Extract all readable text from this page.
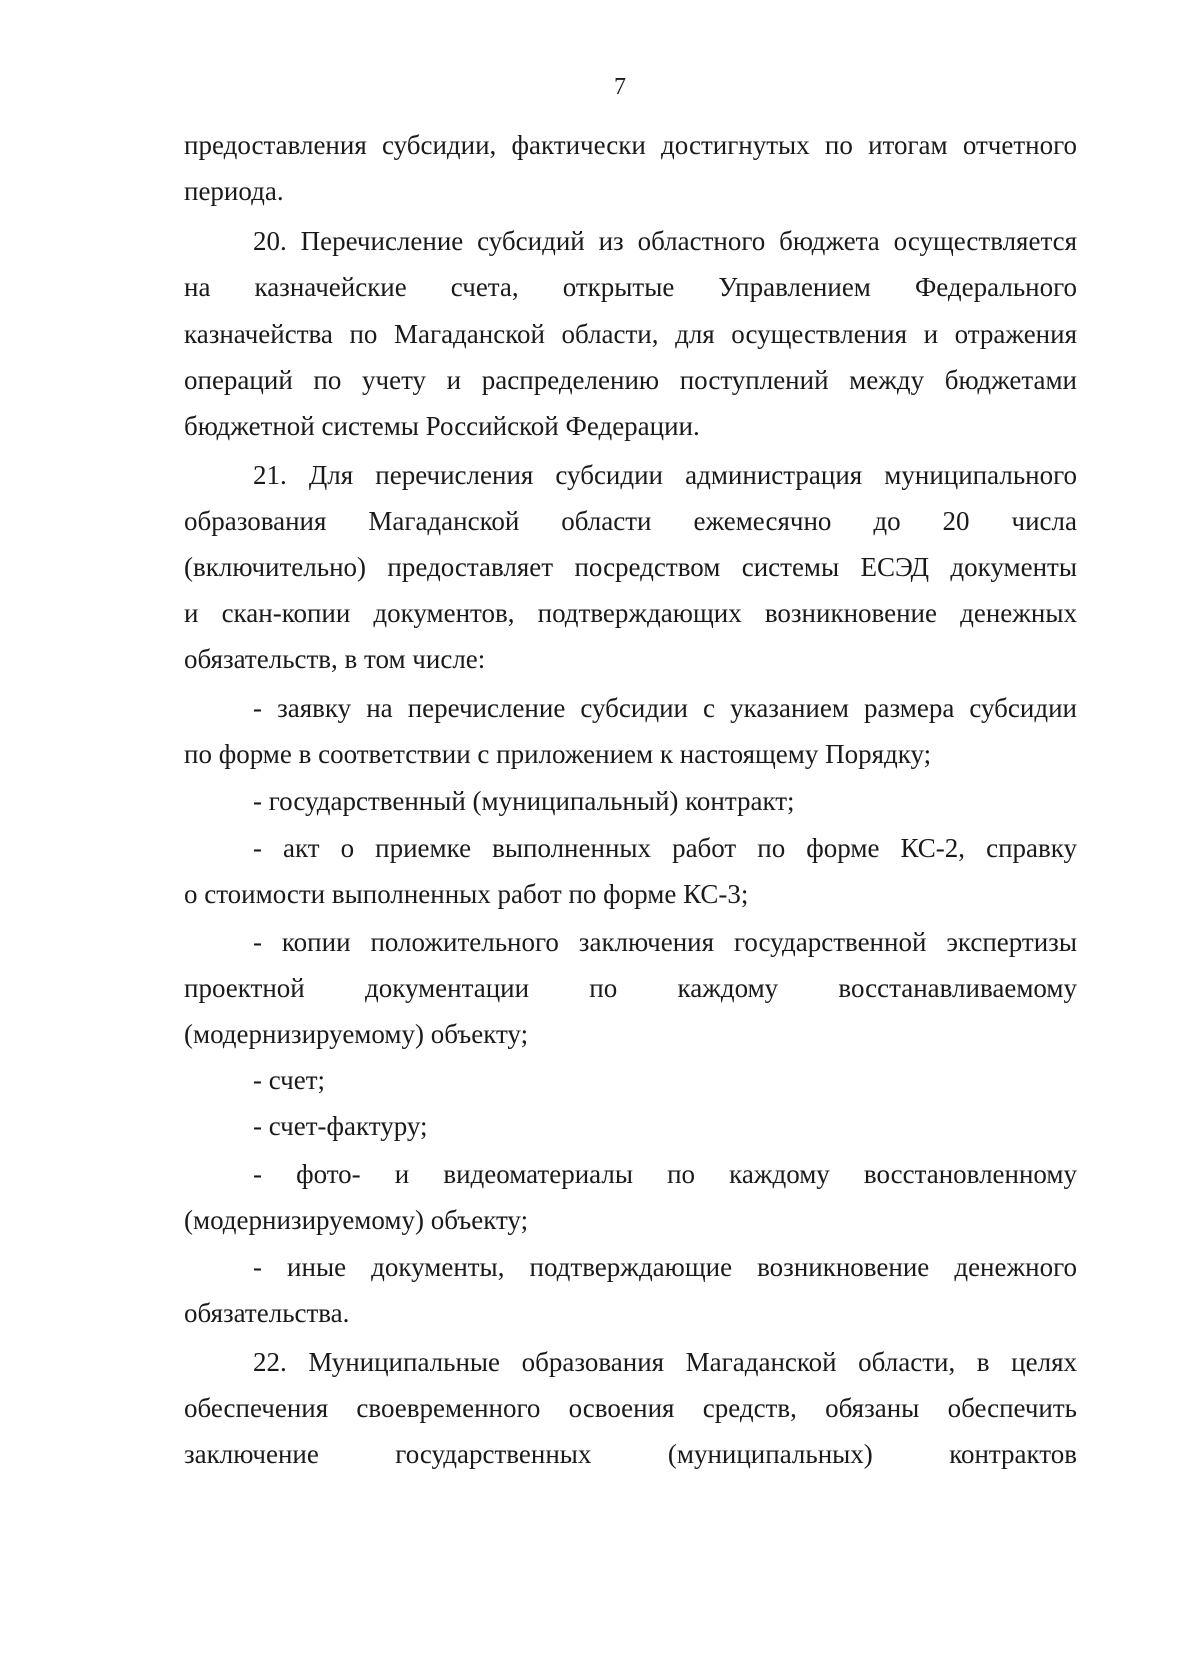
7
предоставления субсидии, фактически достигнутых по итогам отчетного
периода.
20. Перечисление субсидий из областного бюджета осуществляется
на казначейские счета, открытые Управлением Федерального
казначейства по Магаданской области, для осуществления и отражения
операций по учету и распределению поступлений между бюджетами
бюджетной системы Российской Федерации.
21. Для перечисления субсидии администрация муниципального
образования Магаданской области ежемесячно до 20 числа
(включительно) предоставляет посредством системы ЕСЭД документы
и скан-копии документов, подтверждающих возникновение денежных
обязательств, в том числе:
- заявку на перечисление субсидии с указанием размера субсидии
по форме в соответствии с приложением к настоящему Порядку;
- государственный (муниципальный) контракт;
- акт о приемке выполненных работ по форме КС-2, справку
о стоимости выполненных работ по форме КС-3;
- копии положительного заключения государственной экспертизы
проектной документации по каждому восстанавливаемому
(модернизируемому) объекту;
- счет;
- счет-фактуру;
- фото- и видеоматериалы по каждому восстановленному
(модернизируемому) объекту;
- иные документы, подтверждающие возникновение денежного
обязательства.
22. Муниципальные образования Магаданской области, в целях
обеспечения своевременного освоения средств, обязаны обеспечить
заключение государственных (муниципальных) контрактов
